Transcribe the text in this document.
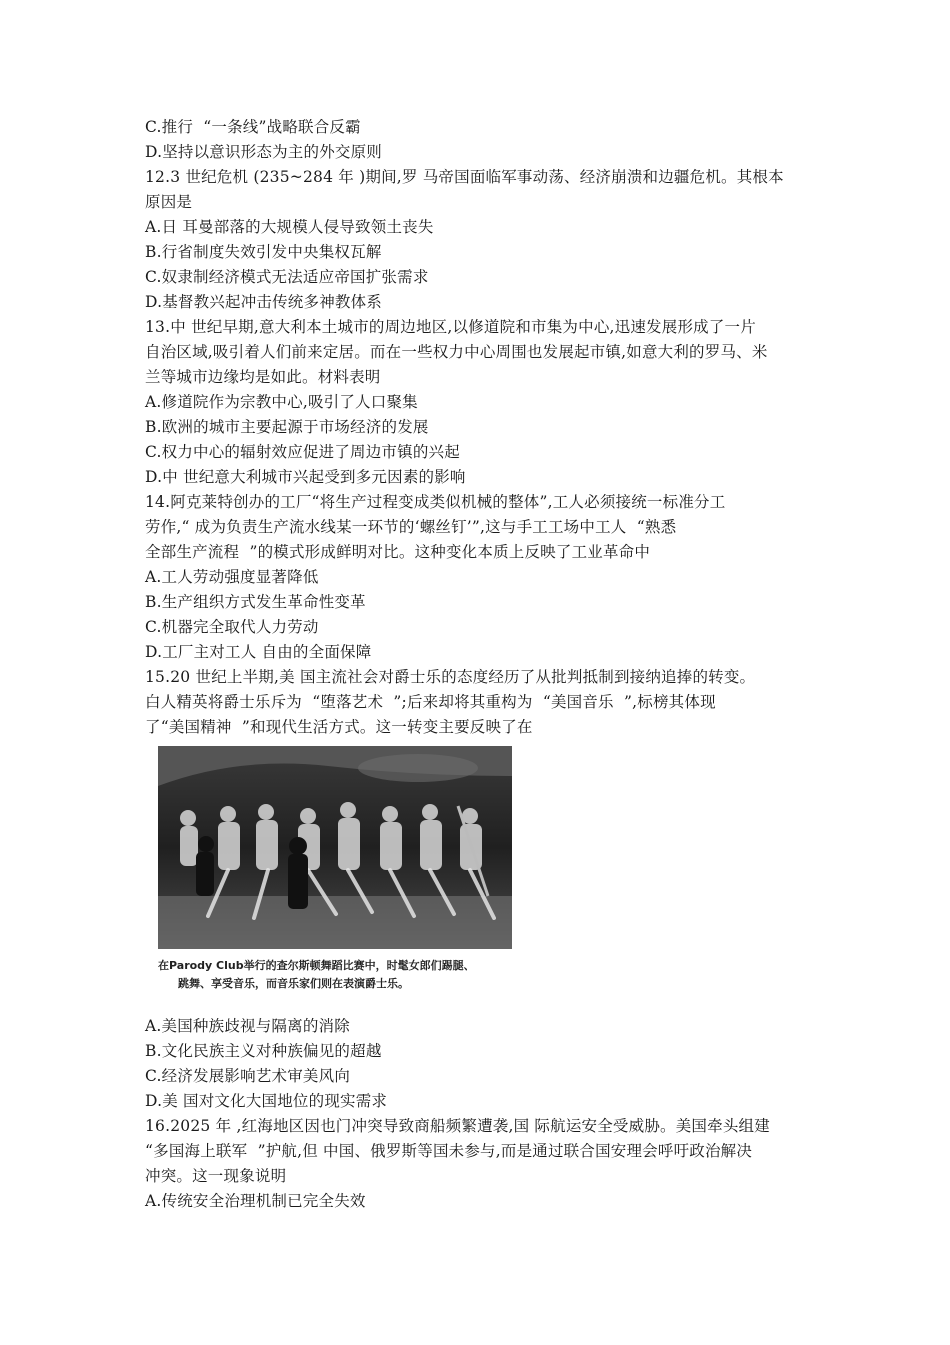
C.推行  “一条线”战略联合反霸
D.坚持以意识形态为主的外交原则
12.3 世纪危机 (235~284 年 )期间,罗 马帝国面临军事动荡、经济崩溃和边疆危机。其根本
原因是
A.日 耳曼部落的大规模人侵导致领土丧失
B.行省制度失效引发中央集权瓦解
C.奴隶制经济模式无法适应帝国扩张需求
D.基督教兴起冲击传统多神教体系
13.中 世纪早期,意大利本土城市的周边地区,以修道院和市集为中心,迅速发展形成了一片
自治区域,吸引着人们前来定居。而在一些权力中心周围也发展起市镇,如意大利的罗马、米
兰等城市边缘均是如此。材料表明
A.修道院作为宗教中心,吸引了人口聚集
B.欧洲的城市主要起源于市场经济的发展
C.权力中心的辐射效应促进了周边市镇的兴起
D.中 世纪意大利城市兴起受到多元因素的影响
14.阿克莱特创办的工厂“将生产过程变成类似机械的整体”,工人必须接统一标准分工
劳作,“ 成为负责生产流水线某一环节的‘螺丝钉’”,这与手工工场中工人  “熟悉
全部生产流程  ”的模式形成鲜明对比。这种变化本质上反映了工业革命中
A.工人劳动强度显著降低
B.生产组织方式发生革命性变革
C.机器完全取代人力劳动
D.工厂主对工人 自由的全面保障
15.20 世纪上半期,美 国主流社会对爵士乐的态度经历了从批判抵制到接纳追捧的转变。
白人精英将爵士乐斥为  “堕落艺术  ”;后来却将其重构为  “美国音乐  ”,标榜其体现
了“美国精神  ”和现代生活方式。这一转变主要反映了在
在Parody Club举行的查尔斯顿舞蹈比赛中，时髦女郎们踢腿、
跳舞、享受音乐，而音乐家们则在表演爵士乐。
A.美国种族歧视与隔离的消除
B.文化民族主义对种族偏见的超越
C.经济发展影响艺术审美风向
D.美 国对文化大国地位的现实需求
16.2025 年 ,红海地区因也门冲突导致商船频繁遭袭,国 际航运安全受威胁。美国牵头组建
“多国海上联军  ”护航,但 中国、俄罗斯等国未参与,而是通过联合国安理会呼吁政治解决
冲突。这一现象说明
A.传统安全治理机制已完全失效
